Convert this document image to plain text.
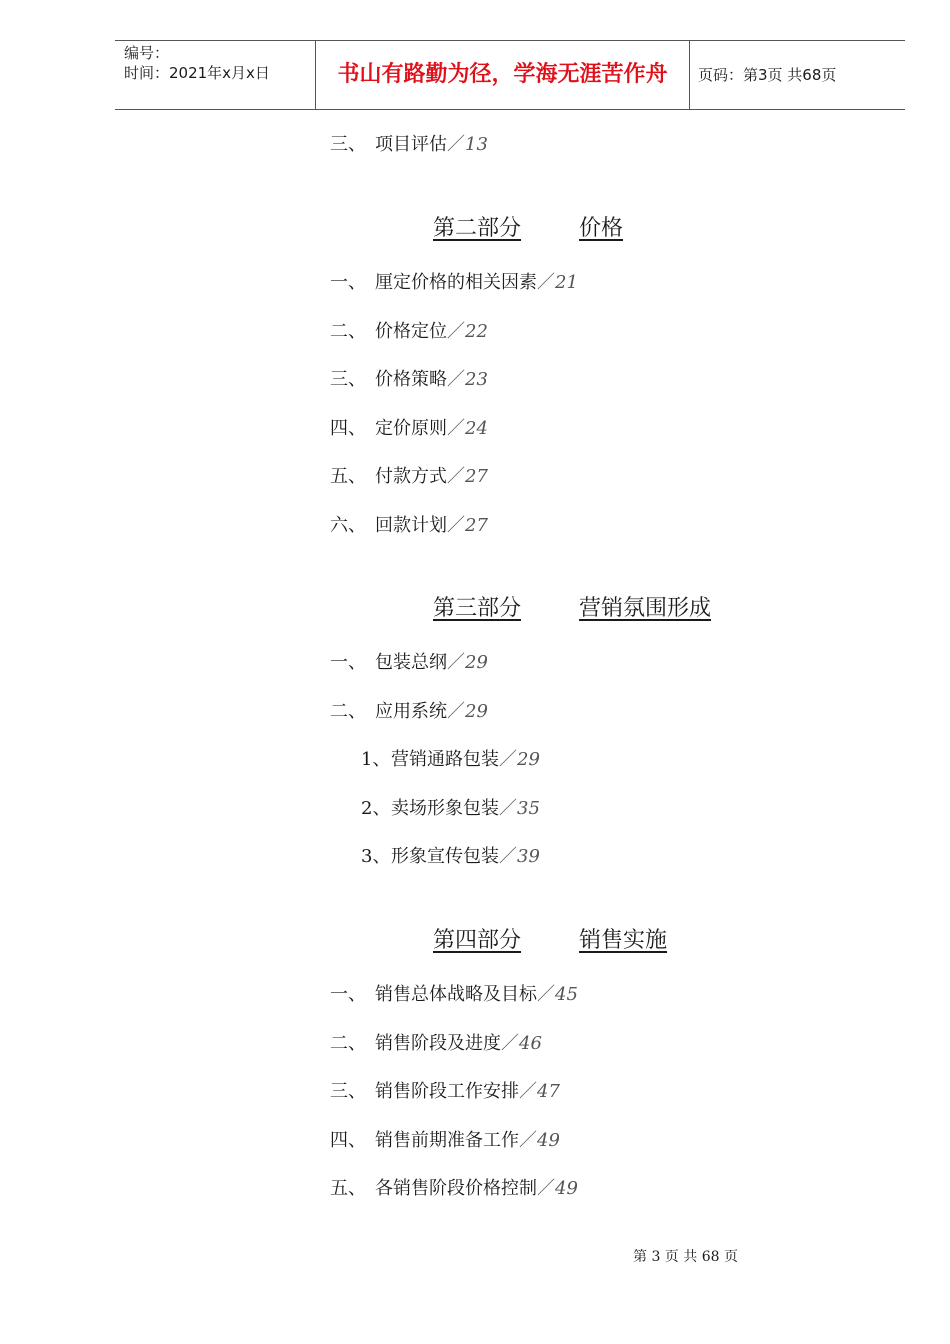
编号：
时间：2021年x月x日	书山有路勤为径，学海无涯苦作舟	页码：第3页 共68页
三、 项目评估／13
第二部分	价格
一、 厘定价格的相关因素／21
二、 价格定位／22
三、 价格策略／23
四、 定价原则／24
五、 付款方式／27
六、 回款计划／27
第三部分	营销氛围形成
一、 包装总纲／29
二、 应用系统／29
1、 营销通路包装／29
2、 卖场形象包装／35
3、 形象宣传包装／39
第四部分	销售实施
一、 销售总体战略及目标／45
二、 销售阶段及进度／46
三、 销售阶段工作安排／47
四、 销售前期准备工作／49
五、 各销售阶段价格控制／49
第 3 页 共 68 页
